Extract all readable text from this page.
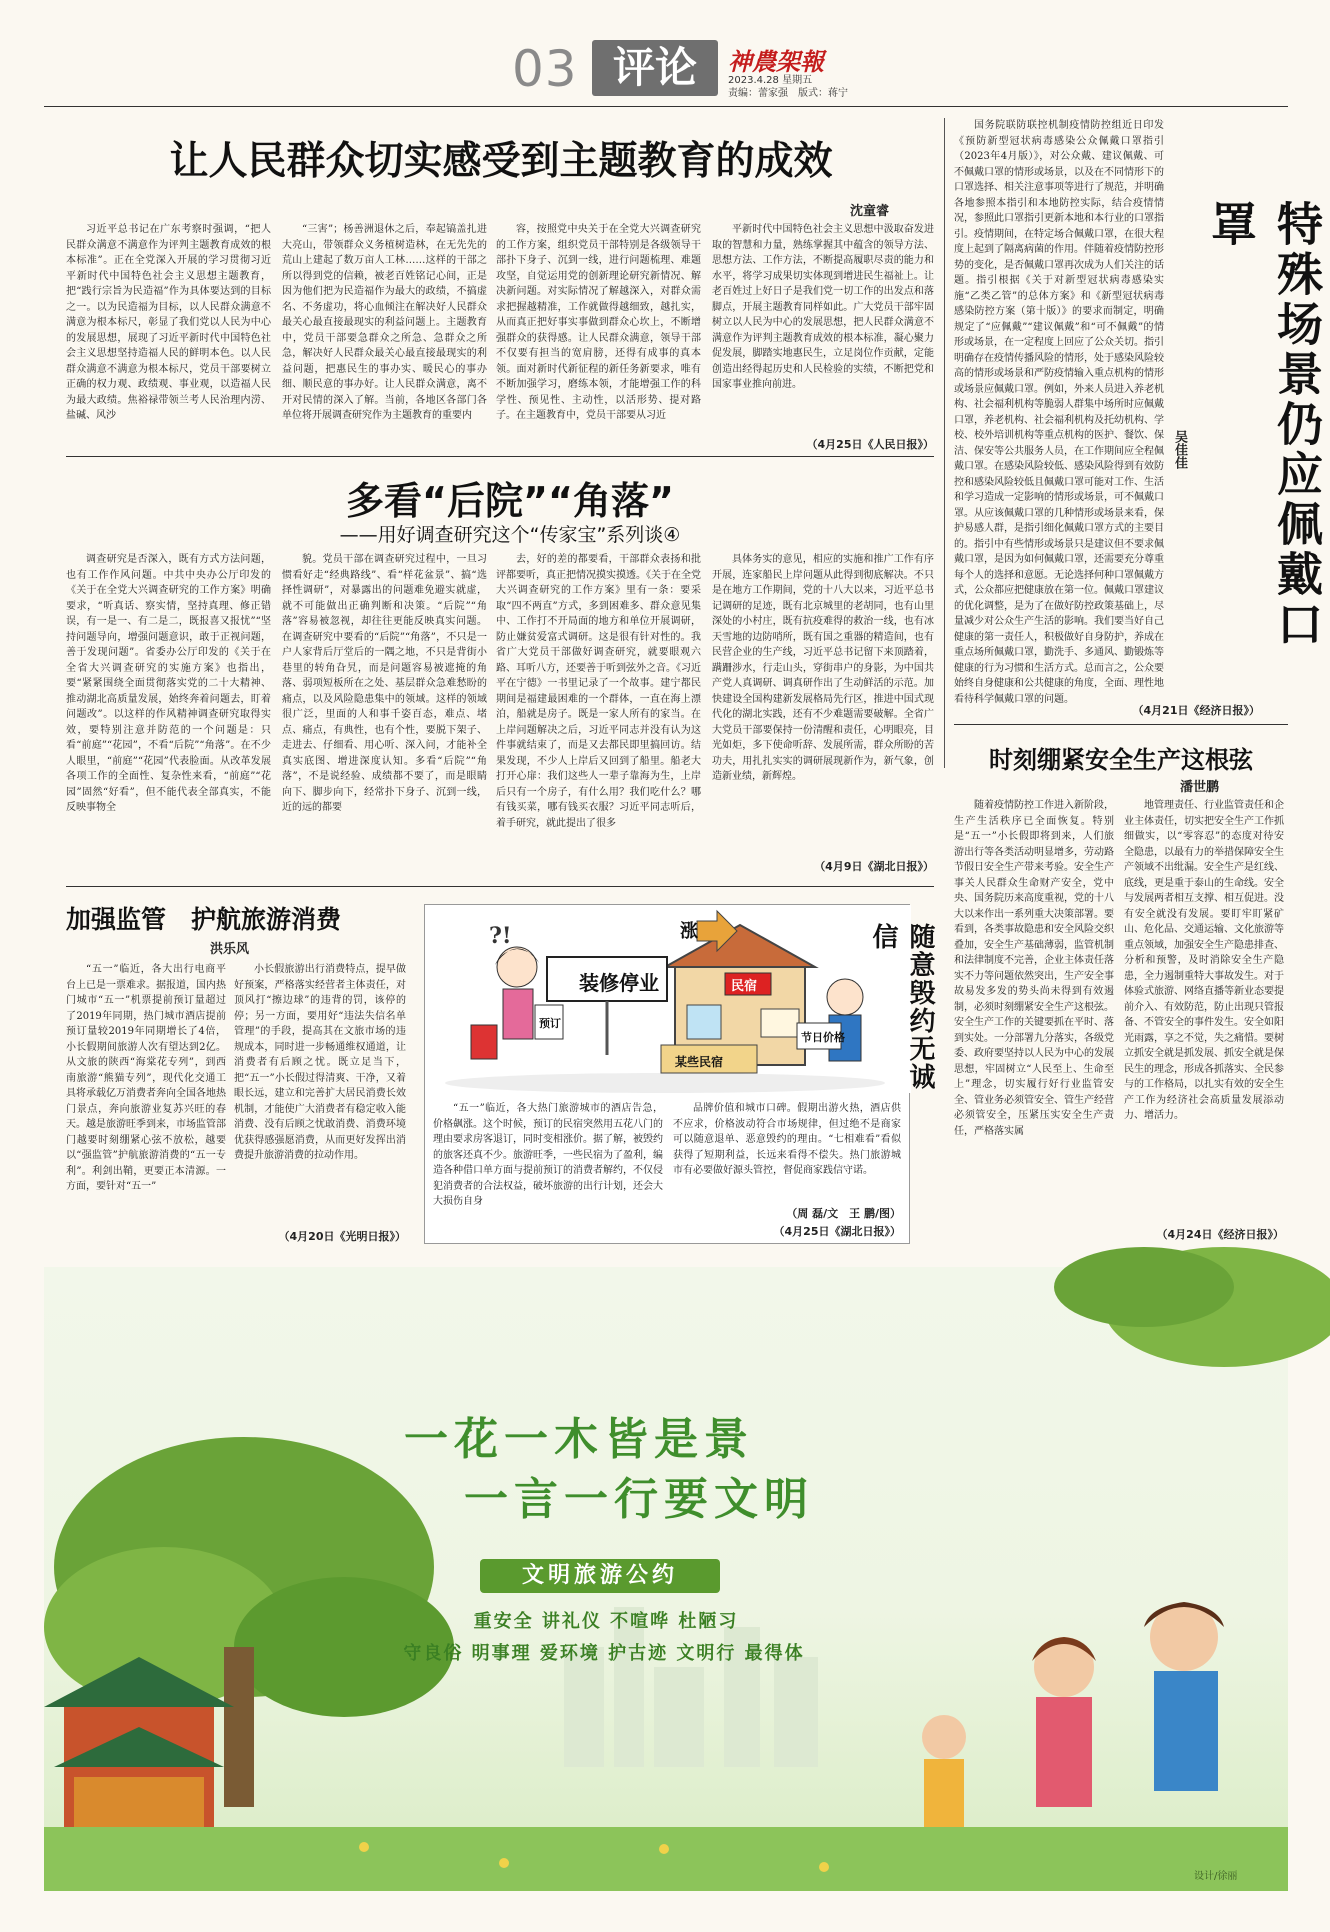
03 评论	神農架報
2023.4.28 星期五
责编：蕾家强　版式：蒋宁
让人民群众切实感受到主题教育的成效
沈童睿
习近平总书记在广东考察时强调，“把人民群众满意不满意作为评判主题教育成效的根本标准”。正在全党深入开展的学习贯彻习近平新时代中国特色社会主义思想主题教育，把“践行宗旨为民造福”作为具体要达到的目标之一。以为民造福为目标，以人民群众满意不满意为根本标尺，彰显了我们党以人民为中心的发展思想，展现了习近平新时代中国特色社会主义思想坚持造福人民的鲜明本色。以人民群众满意不满意为根本标尺，党员干部要树立正确的权力观、政绩观、事业观，以造福人民为最大政绩。焦裕禄带领兰考人民治理内涝、盐碱、风沙
“三害”；杨善洲退休之后，奉起镐盖扎进大亮山，带领群众义务植树造林，在无先先的荒山上建起了数万亩人工林……这样的干部之所以得到党的信赖，被老百姓铭记心间，正是因为他们把为民造福作为最大的政绩，不搞虚名、不务虚功，将心血倾注在解决好人民群众最关心最直接最现实的利益问题上。主题教育中，党员干部要急群众之所急、急群众之所急，解决好人民群众最关心最直接最现实的利益问题，把惠民生的事办实、暖民心的事办细、顺民意的事办好。让人民群众满意，离不开对民情的深入了解。当前，各地区各部门各单位将开展调查研究作为主题教育的重要内
容，按照党中央关于在全党大兴调查研究的工作方案，组织党员干部特别是各级领导干部扑下身子、沉到一线，进行问题梳理、难题攻坚，自觉运用党的创新理论研究新情况、解决新问题。对实际情况了解越深入，对群众需求把握越精准，工作就做得越细致，越扎实，从而真正把好事实事做到群众心坎上，不断增强群众的获得感。让人民群众满意，领导干部不仅要有担当的宽肩膀，还得有成事的真本领。面对新时代新征程的新任务新要求，唯有不断加强学习，磨练本领，才能增强工作的科学性、预见性、主动性，以活形势、提对路子。在主题教育中，党员干部要从习近
平新时代中国特色社会主义思想中汲取奋发进取的智慧和力量，熟练掌握其中蕴含的领导方法、思想方法、工作方法，不断提高履职尽责的能力和水平，将学习成果切实体现到增进民生福祉上。让老百姓过上好日子是我们党一切工作的出发点和落脚点，开展主题教育同样如此。广大党员干部牢固树立以人民为中心的发展思想，把人民群众满意不满意作为评判主题教育成效的根本标准，凝心聚力促发展，脚踏实地惠民生，立足岗位作贡献，定能创造出经得起历史和人民检验的实绩，不断把党和国家事业推向前进。
（4月25日《人民日报》）
多看“后院”“角落”
——用好调查研究这个“传家宝”系列谈④
调查研究是否深入，既有方式方法问题，也有工作作风问题。中共中央办公厅印发的《关于在全党大兴调查研究的工作方案》明确要求，“听真话、察实情，坚持真理、修正错误，有一是一、有二是二，既报喜又报忧”“坚持问题导向，增强问题意识，敢于正视问题，善于发现问题”。省委办公厅印发的《关于在全省大兴调查研究的实施方案》也指出，要“紧紧围绕全面贯彻落实党的二十大精神、推动湖北高质量发展，始终奔着问题去，盯着问题改”。以这样的作风精神调查研究取得实效，要特别注意并防范的一个问题是：只看“前庭”“花园”，不看“后院”“角落”。在不少人眼里，“前庭”“花园”代表脸面。从改革发展各项工作的全面性、复杂性来看，“前庭”“花园”固然“好看”，但不能代表全部真实，不能反映事物全
貌。党员干部在调查研究过程中，一旦习惯看好走“经典路线”、看“样花盆景”、搞“选择性调研”，对暴露出的问题难免避实就虚，就不可能做出正确判断和决策。“后院”“角落”容易被忽视，却往往更能反映真实问题。在调查研究中要看的“后院”“角落”，不只是一户人家背后厅堂后的一隅之地，不只是背街小巷里的转角旮旯，而是问题容易被遮掩的角落、弱项短板所在之处、基层群众急难愁盼的痛点，以及风险隐患集中的领域。这样的领域很广泛，里面的人和事千姿百态，难点、堵点、痛点，有典性，也有个性，要脱下架子、走进去、仔细看、用心听、深入问，才能补全真实底图、增进深度认知。多看“后院”“角落”，不是说经验、成绩都不要了，而是眼睛向下、脚步向下，经常扑下身子、沉到一线，近的远的都要
去，好的差的都要看，干部群众表扬和批评都要听，真正把情况摸实摸透。《关于在全党大兴调查研究的工作方案》里有一条：要采取“四不两直”方式，多到困难多、群众意见集中、工作打不开局面的地方和单位开展调研，防止嫌贫爱富式调研。这是很有针对性的。我省广大党员干部做好调查研究，就要眼观六路、耳听八方，还要善于听到弦外之音。《习近平在宁德》一书里记录了一个故事。建宁都民期间是福建最困难的一个群体，一直在海上漂泊，船就是房子。既是一家人所有的家当。在上岸问题解决之后，习近平同志并没有认为这件事就结束了，而是又去都民即里搞回访。结果发现，不少人上岸后又回到了船里。船老大打开心扉：我们这些人一辈子靠海为生，上岸后只有一个房子，有什么用？我们吃什么？哪有钱买菜，哪有钱买衣服？习近平同志听后，着手研究，就此提出了很多
具体务实的意见，相应的实施和推广工作有序开展，连家船民上岸问题从此得到彻底解决。不只是在地方工作期间，党的十八大以来，习近平总书记调研的足迹，既有北京城里的老胡同，也有山里深处的小村庄，既有抗疫难得的救治一线，也有冰天雪地的边防哨所，既有国之重器的精造间，也有民营企业的生产线，习近平总书记留下来顶踏着，蹒跚涉水，行走山头，穿街串户的身影，为中国共产党人真调研、调真研作出了生动鲜活的示范。加快建设全国构建新发展格局先行区，推进中国式现代化的湖北实践，还有不少难题需要破解。全省广大党员干部要保持一份清醒和责任，心明眼亮，目光如炬，多下使命听辞、发展所需，群众所盼的苦功夫，用扎扎实实的调研展现新作为，新气象，创造新业绩，新辉煌。
（4月9日《湖北日报》）
国务院联防联控机制疫情防控组近日印发《预防新型冠状病毒感染公众佩戴口罩指引（2023年4月版）》，对公众戴、建议佩戴、可不佩戴口罩的情形或场景，以及在不同情形下的口罩选择、相关注意事项等进行了规范，并明确各地参照本指引和本地防控实际，结合疫情情况，参照此口罩指引更新本地和本行业的口罩指引。疫情期间，在特定场合佩戴口罩，在很大程度上起到了隔离病菌的作用。伴随着疫情防控形势的变化，是否佩戴口罩再次成为人们关注的话题。指引根据《关于对新型冠状病毒感染实施“乙类乙管”的总体方案》和《新型冠状病毒感染防控方案（第十版）》的要求而制定，明确规定了“应佩戴”“建议佩戴”和“可不佩戴”的情形或场景，在一定程度上回应了公众关切。指引明确存在疫情传播风险的情形，处于感染风险较高的情形或场景和严防疫情输入重点机构的情形或场景应佩戴口罩。例如，外来人员进入养老机构、社会福利机构等脆弱人群集中场所时应佩戴口罩，养老机构、社会福利机构及托幼机构、学校、校外培训机构等重点机构的医护、餐饮、保洁、保安等公共服务人员，在工作期间应全程佩戴口罩。在感染风险较低、感染风险得到有效防控和感染风险较低且佩戴口罩可能对工作、生活和学习造成一定影响的情形或场景，可不佩戴口罩。从应该佩戴口罩的几种情形或场景来看，保护易感人群，是指引细化佩戴口罩方式的主要目的。指引中有些情形或场景只是建议但不要求佩戴口罩，是因为如何佩戴口罩，还需要充分尊重每个人的选择和意愿。无论选择何种口罩佩戴方式，公众都应把健康放在第一位。佩戴口罩建议的优化调整，是为了在做好防控政策基础上，尽量减少对公众生产生活的影响。我们要当好自己健康的第一责任人，积极做好自身防护，养成在重点场所佩戴口罩，勤洗手、多通风、勤锻炼等健康的行为习惯和生活方式。总而言之，公众要始终自身健康和公共健康的角度，全面、理性地看待科学佩戴口罩的问题。
特殊场景仍应佩戴口罩
吴佳佳
（4月21日《经济日报》）
时刻绷紧安全生产这根弦
潘世鹏
随着疫情防控工作进入新阶段，生产生活秩序已全面恢复。特别是“五一”小长假即将到来，人们旅游出行等各类活动明显增多，劳动路节假日安全生产带来考验。安全生产事关人民群众生命财产安全，党中央、国务院历来高度重视，党的十八大以来作出一系列重大决策部署。要看到，各类事故隐患和安全风险交织叠加，安全生产基础薄弱，监管机制和法律制度不完善，企业主体责任落实不力等问题依然突出，生产安全事故易发多发的势头尚未得到有效遏制，必须时刻绷紧安全生产这根弦。安全生产工作的关键要抓在平时、落到实处。一分部署九分落实，各级党委、政府要坚持以人民为中心的发展思想，牢固树立“人民至上、生命至上”理念，切实履行好行业监管安全、管业务必须管安全、管生产经营必须管安全，压紧压实安全生产责任，严格落实属
地管理责任、行业监管责任和企业主体责任，切实把安全生产工作抓细做实，以“零容忍”的态度对待安全隐患，以最有力的举措保障安全生产领域不出纰漏。安全生产是红线、底线，更是重于泰山的生命线。安全与发展两者相互支撑、相互促进。没有安全就没有发展。要盯牢盯紧矿山、危化品、交通运输、文化旅游等重点领域，加强安全生产隐患排查、分析和预警，及时消除安全生产隐患，全力遏制重特大事故发生。对于体验式旅游、网络直播等新业态要提前介入、有效防范，防止出现只管报备、不管安全的事件发生。安全如阳光雨露，享之不觉，失之痛惜。要树立抓安全就是抓发展、抓安全就是保民生的理念，形成各抓落实、全民参与的工作格局，以扎实有效的安全生产工作为经济社会高质量发展添动力、增活力。
（4月24日《经济日报》）
加强监管　护航旅游消费
洪乐风
“五一”临近，各大出行电商平台上已是一票难求。据报道，国内热门城市“五一”机票提前预订量超过了2019年同期，热门城市酒店提前预订量较2019年同期增长了4倍，小长假期间旅游人次有望达到2亿。从文旅的陕西“海棠花专列”，到西南旅游“熊猫专列”，现代化交通工具将承载亿万消费者奔向全国各地热门景点，奔向旅游业复苏兴旺的春天。越是旅游旺季到来，市场监管部门越要时刻绷紧心弦不放松，越要以“强监管”护航旅游消费的“五一专利”。利剑出鞘，更要正本清源。一方面，要针对“五一”
小长假旅游出行消费特点，提早做好预案，严格落实经营者主体责任，对顶风打“擦边球”的违背的罚，该停的停；另一方面，要用好“违法失信名单管理”的手段，提高其在文旅市场的违规成本，同时进一步畅通维权通道，让消费者有后顾之忧。既立足当下，把“五一”小长假过得清爽、干净，又着眼长远，建立和完善扩大居民消费长效机制，才能使广大消费者有稳定收入能消费、没有后顾之忧敢消费、消费环境优获得感强愿消费，从而更好发挥出消费提升旅游消费的拉动作用。
（4月20日《光明日报》）
?!
装修停业
涨
民宿
节日价格
预订
某些民宿	随意毁约无诚信
“五一”临近，各大热门旅游城市的酒店告急，价格飙涨。这个时候，预订的民宿突然用五花八门的理由要求房客退订，同时变相涨价。据了解，被毁约的旅客还真不少。旅游旺季，一些民宿为了盈利，编造各种借口单方面与提前预订的消费者解约，不仅侵犯消费者的合法权益，破坏旅游的出行计划，还会大大损伤自身
品牌价值和城市口碑。假期出游火热，酒店供不应求，价格波动符合市场规律，但过绝不是商家可以随意退单、恶意毁约的理由。“七相难看”看似获得了短期利益，长远来看得不偿失。热门旅游城市有必要做好源头管控，督促商家践信守诺。
（周 磊/文　王 鹏/图）
（4月25日《湖北日报》）
一花一木皆是景
一言一行要文明
文明旅游公约
重安全 讲礼仪 不喧哗 杜陋习
守良俗 明事理 爱环境 护古迹 文明行 最得体
设计/徐丽
